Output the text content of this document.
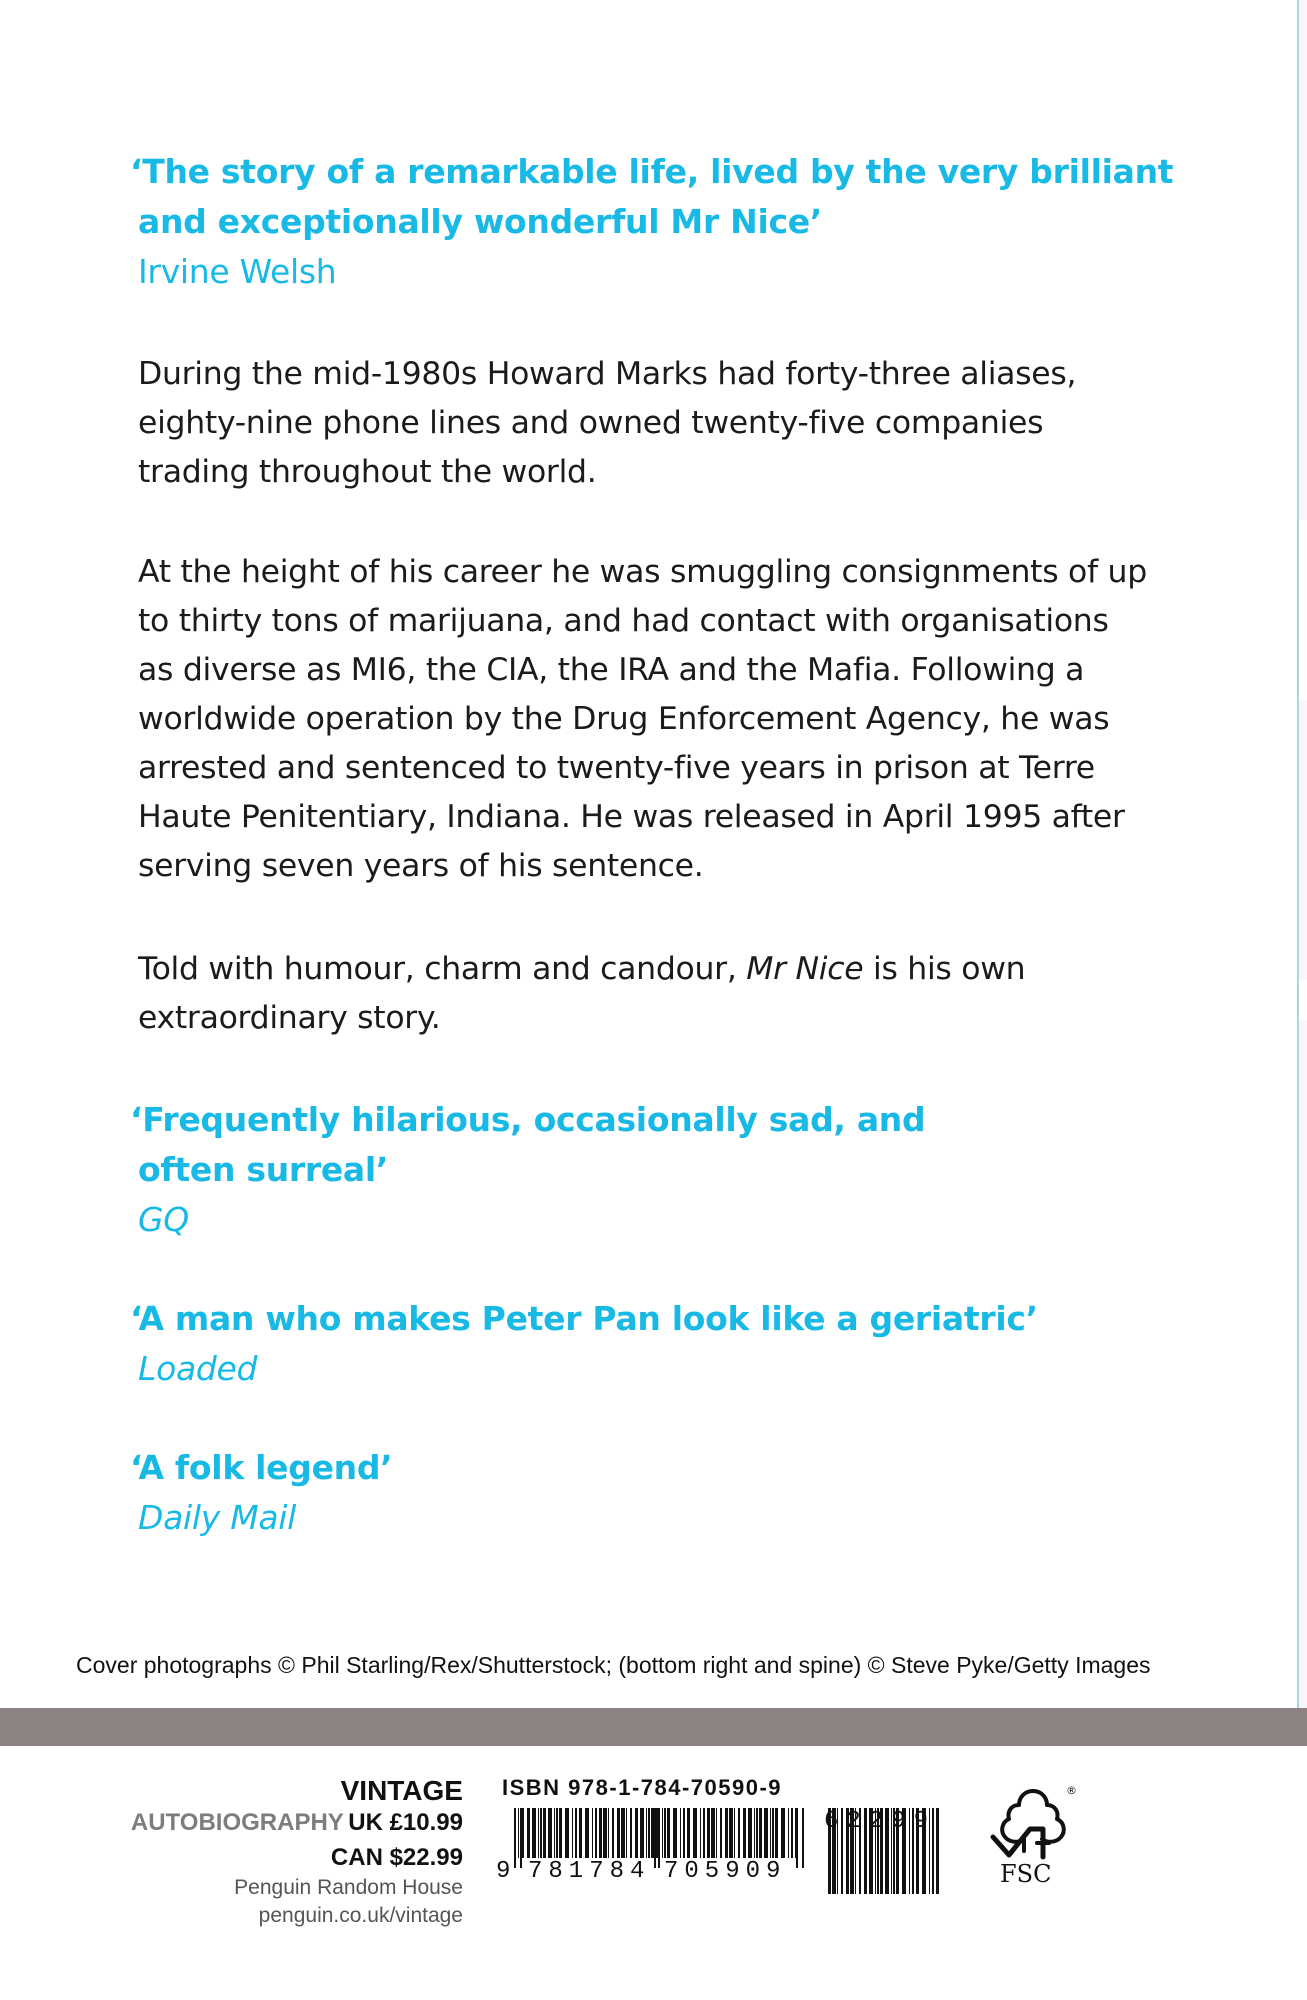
‘The story of a remarkable life, lived by the very brilliant
and exceptionally wonderful Mr Nice’
Irvine Welsh
During the mid-1980s Howard Marks had forty-three aliases,
eighty-nine phone lines and owned twenty-five companies
trading throughout the world.
At the height of his career he was smuggling consignments of up
to thirty tons of marijuana, and had contact with organisations
as diverse as MI6, the CIA, the IRA and the Mafia. Following a
worldwide operation by the Drug Enforcement Agency, he was
arrested and sentenced to twenty-five years in prison at Terre
Haute Penitentiary, Indiana. He was released in April 1995 after
serving seven years of his sentence.
Told with humour, charm and candour, Mr Nice is his own
extraordinary story.
‘Frequently hilarious, occasionally sad, and
often surreal’
GQ
‘A man who makes Peter Pan look like a geriatric’
Loaded
‘A folk legend’
Daily Mail
Cover photographs © Phil Starling/Rex/Shutterstock; (bottom right and spine) © Steve Pyke/Getty Images
VINTAGE
AUTOBIOGRAPHY UK £10.99
CAN $22.99
Penguin Random House
penguin.co.uk/vintage
ISBN 978-1-784-70590-9
9 781784 705909
62299
FSC
®
